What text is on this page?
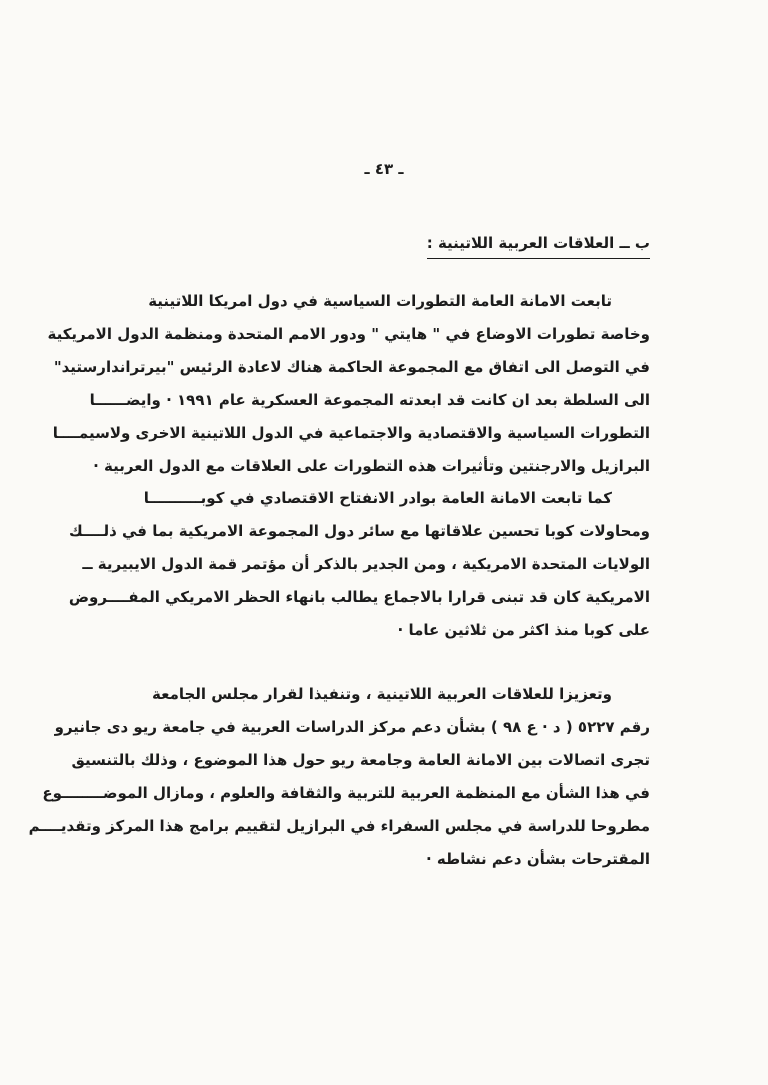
ـ ٤٣ ـ
ب ــ العلاقات العربية اللاتينية :
تابعت الامانة العامة التطورات السياسية في دول امريكا اللاتينية
وخاصة تطورات الاوضاع في " هايتي " ودور الامم المتحدة ومنظمة الدول الامريكية
في التوصل الى اتفاق مع المجموعة الحاكمة هناك لاعادة الرئيس "بيرتراندارستيد"
الى السلطة بعد ان كانت قد ابعدته المجموعة العسكرية عام ١٩٩١ · وايضــــــا
التطورات السياسية والاقتصادية والاجتماعية في الدول اللاتينية الاخرى ولاسيمــــا
البرازيل والارجنتين وتأثيرات هذه التطورات على العلاقات مع الدول العربية ·
كما تابعت الامانة العامة بوادر الانفتاح الاقتصادي في كوبــــــــــا
ومحاولات كوبا تحسين علاقاتها مع سائر دول المجموعة الامريكية بما في ذلــــك
الولايات المتحدة الامريكية ، ومن الجدير بالذكر أن مؤتمر قمة الدول الايبيرية ــ
الامريكية كان قد تبنى قرارا بالاجماع يطالب بانهاء الحظر الامريكي المفــــروض
على كوبا منذ اكثر من ثلاثين عاما ·
وتعزيزا للعلاقات العربية اللاتينية ، وتنفيذا لقرار مجلس الجامعة
رقم ٥٢٢٧ ( د · ع ٩٨ ) بشأن دعم مركز الدراسات العربية في جامعة ريو دى جانيرو
تجرى اتصالات بين الامانة العامة وجامعة ريو حول هذا الموضوع ، وذلك بالتنسيق
في هذا الشأن مع المنظمة العربية للتربية والثقافة والعلوم ، ومازال الموضــــــــوع
مطروحا للدراسة في مجلس السفراء في البرازيل لتقييم برامج هذا المركز وتقديــــم
المقترحات بشأن دعم نشاطه ·
